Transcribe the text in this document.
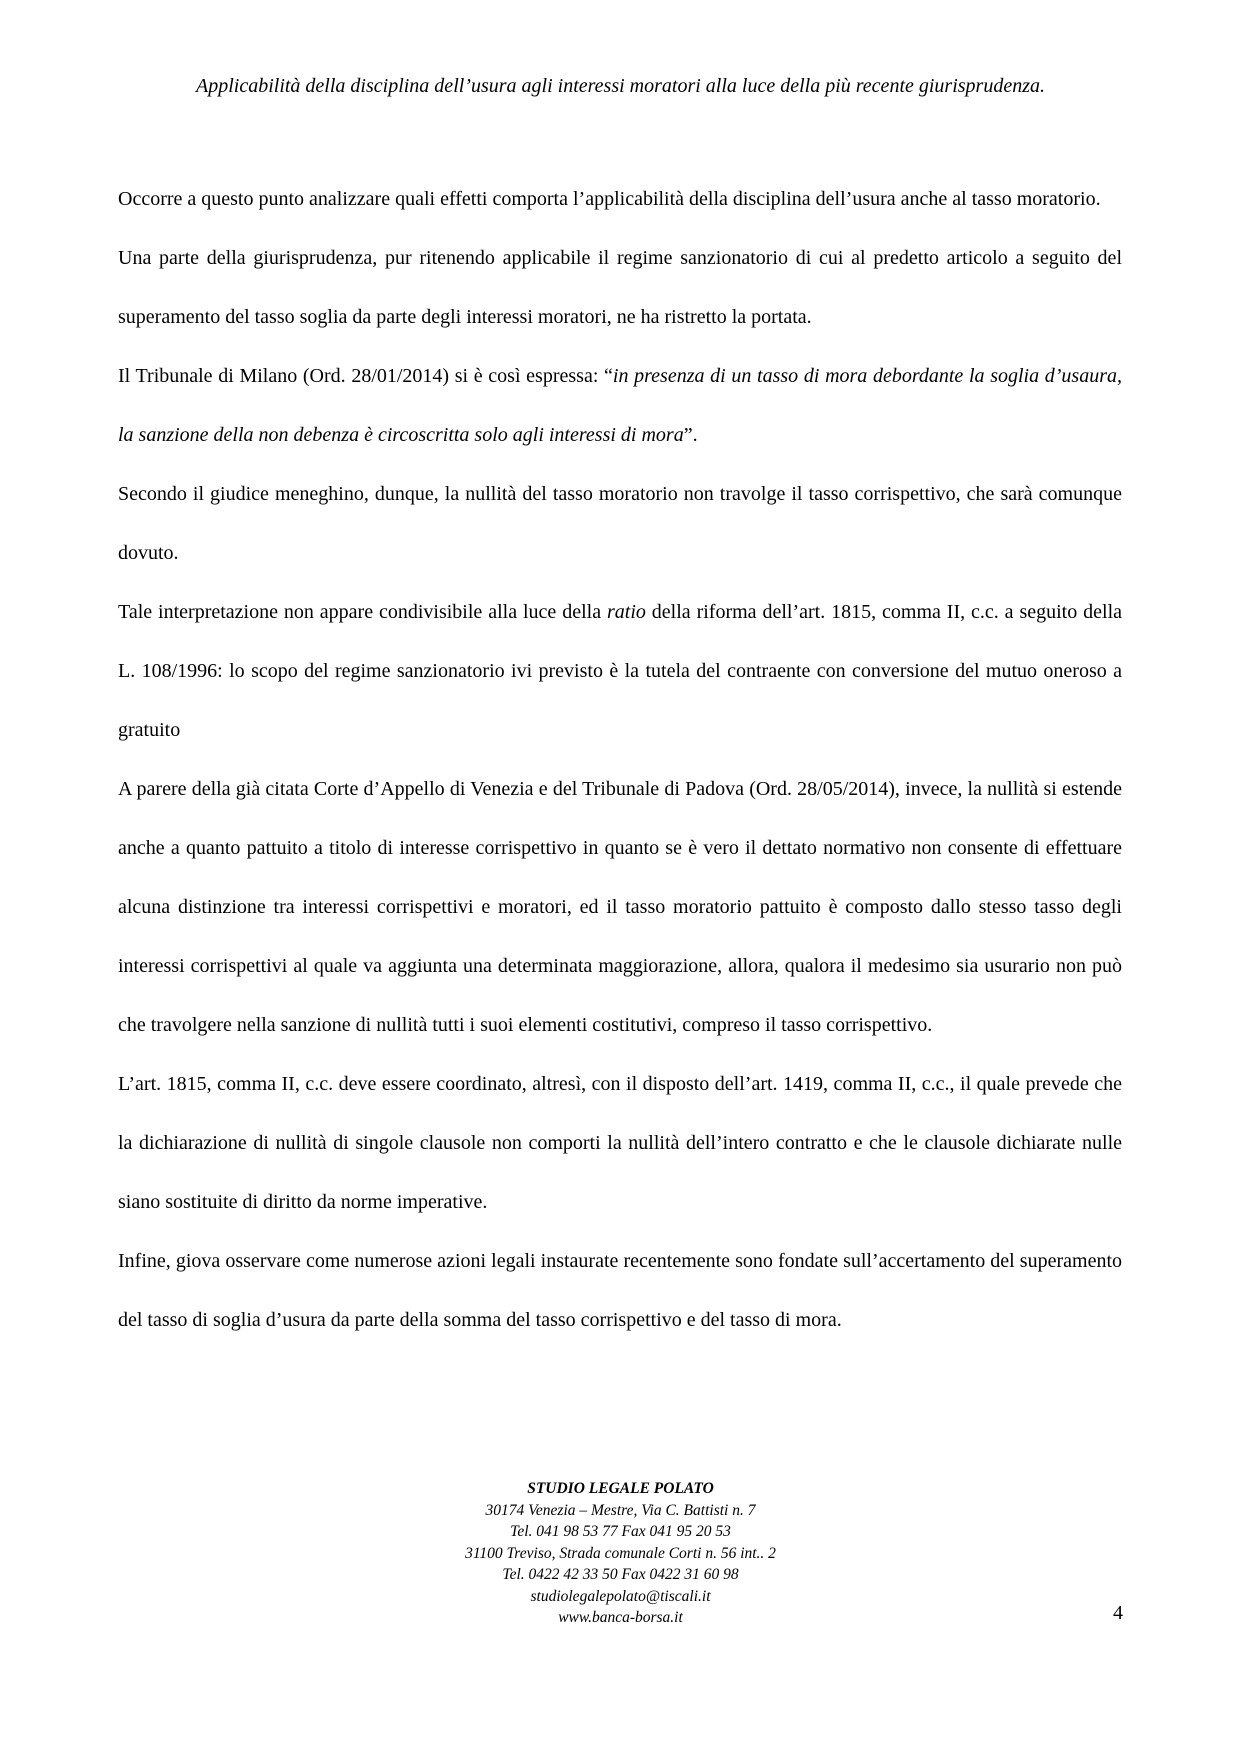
Applicabilità della disciplina dell’usura agli interessi moratori alla luce della più recente giurisprudenza.

Occorre a questo punto analizzare quali effetti comporta l’applicabilità della disciplina dell’usura anche al tasso moratorio.

Una parte della giurisprudenza, pur ritenendo applicabile il regime sanzionatorio di cui al predetto articolo a seguito del superamento del tasso soglia da parte degli interessi moratori, ne ha ristretto la portata.

Il Tribunale di Milano (Ord. 28/01/2014) si è così espressa: “in presenza di un tasso di mora debordante la soglia d’usaura, la sanzione della non debenza è circoscritta solo agli interessi di mora”.

Secondo il giudice meneghino, dunque, la nullità del tasso moratorio non travolge il tasso corrispettivo, che sarà comunque dovuto.

Tale interpretazione non appare condivisibile alla luce della ratio della riforma dell’art. 1815, comma II, c.c. a seguito della L. 108/1996: lo scopo del regime sanzionatorio ivi previsto è la tutela del contraente con conversione del mutuo oneroso a gratuito

A parere della già citata Corte d’Appello di Venezia e del Tribunale di Padova (Ord. 28/05/2014), invece, la nullità si estende anche a quanto pattuito a titolo di interesse corrispettivo in quanto se è vero il dettato normativo non consente di effettuare alcuna distinzione tra interessi corrispettivi e moratori, ed il tasso moratorio pattuito è composto dallo stesso tasso degli interessi corrispettivi al quale va aggiunta una determinata maggiorazione, allora, qualora il medesimo sia usurario non può che travolgere nella sanzione di nullità tutti i suoi elementi costitutivi, compreso il tasso corrispettivo.

L’art. 1815, comma II, c.c. deve essere coordinato, altresì, con il disposto dell’art. 1419, comma II, c.c., il quale prevede che la dichiarazione di nullità di singole clausole non comporti la nullità dell’intero contratto e che le clausole dichiarate nulle siano sostituite di diritto da norme imperative.

Infine, giova osservare come numerose azioni legali instaurate recentemente sono fondate sull’accertamento del superamento del tasso di soglia d’usura da parte della somma del tasso corrispettivo e del tasso di mora.

STUDIO LEGALE POLATO
30174 Venezia – Mestre, Via C. Battisti n. 7
Tel. 041 98 53 77 Fax 041 95 20 53
31100 Treviso, Strada comunale Corti n. 56 int.. 2
Tel. 0422 42 33 50 Fax 0422 31 60 98
studiolegalepolato@tiscali.it
www.banca-borsa.it	4
